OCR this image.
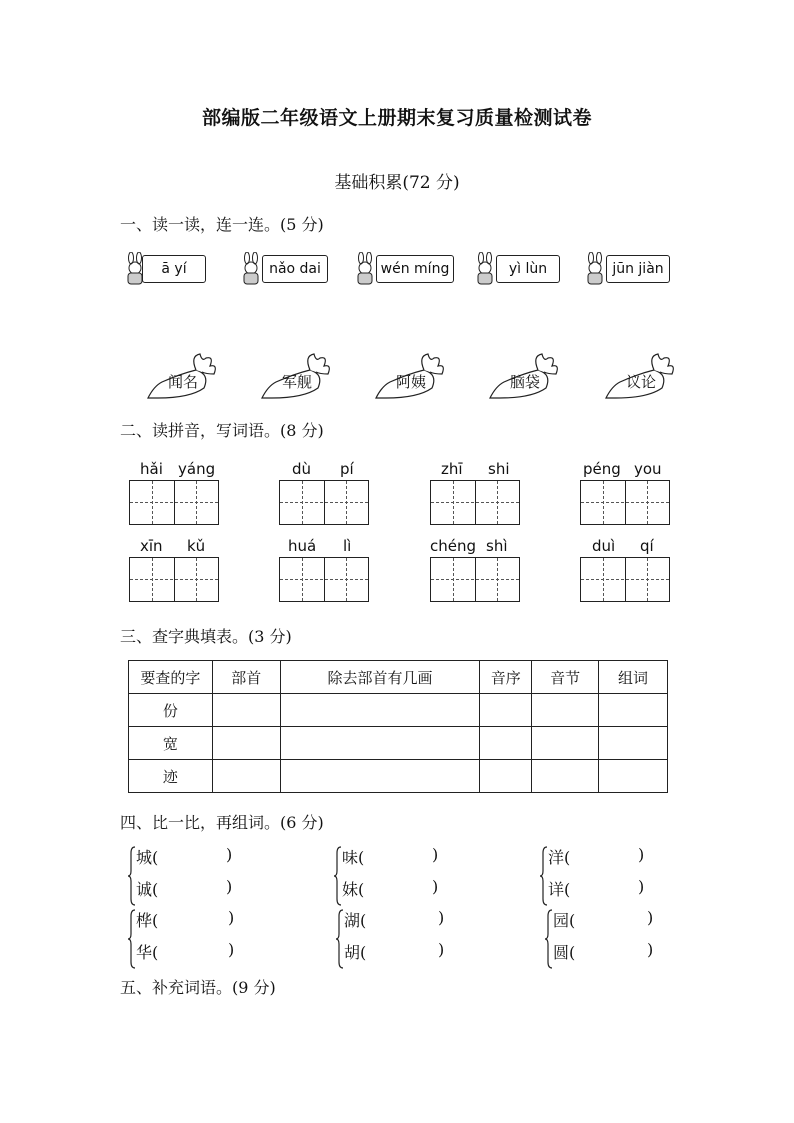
部编版二年级语文上册期末复习质量检测试卷
基础积累(72 分)
一、读一读，连一连。(5 分)
ā yí	nǎo dai	wén míng	yì lùn	jūn jiàn
闻名	军舰	阿姨	脑袋	议论
二、读拼音，写词语。(8 分)
hǎi yáng	dù pí	zhī shi	péng you
xīn kǔ	huá lì	chéng shì	duì qí
三、查字典填表。(3 分)
要查的字	部首	除去部首有几画	音序	音节	组词
份					
宽					
迹					
四、比一比，再组词。(6 分)
城(	)
诚(	)
味(	)
妹(	)
洋(	)
详(	)
桦(	)
华(	)
湖(	)
胡(	)
园(	)
圆(	)
五、补充词语。(9 分)
